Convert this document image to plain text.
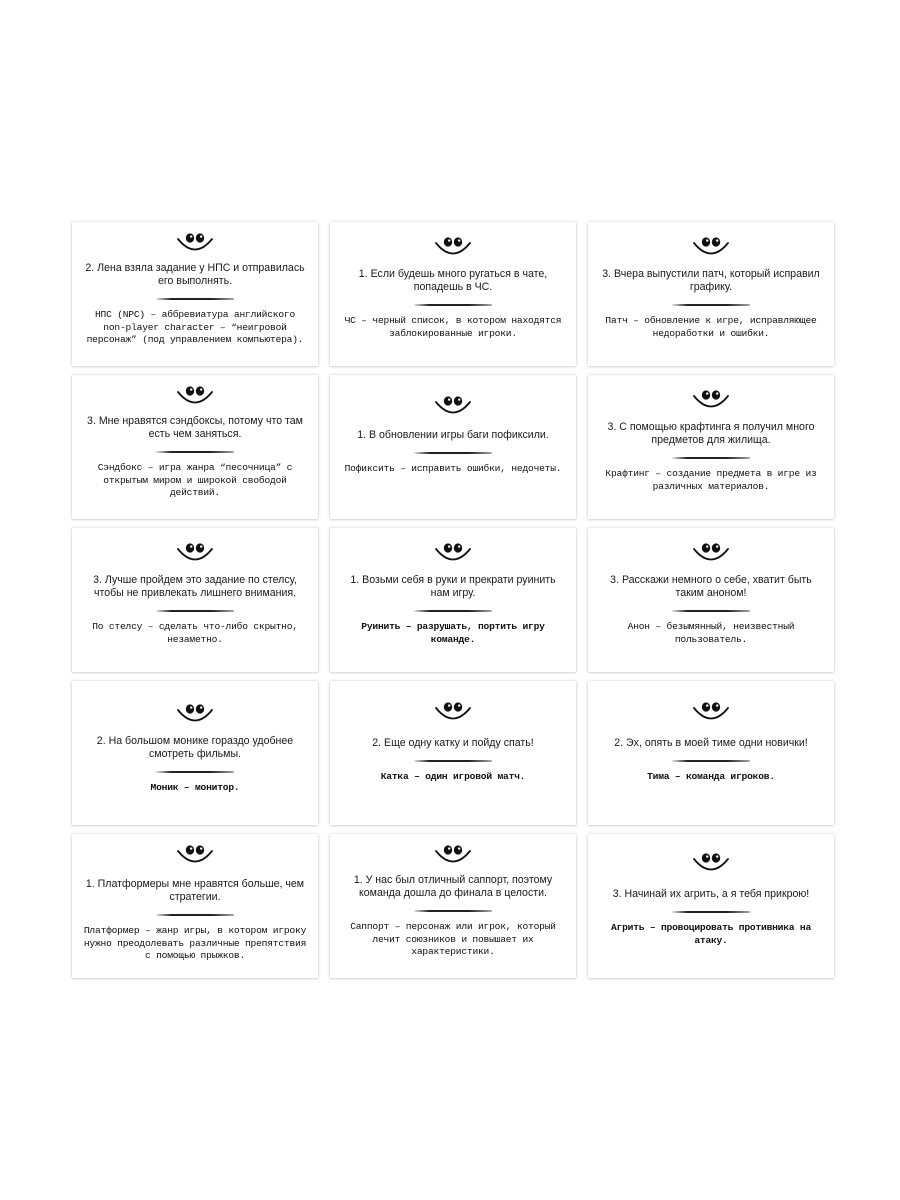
2. Лена взяла задание у НПС и отправилась его выполнять.
НПС (NPC) – аббревиатура английского non-player character – “неигровой персонаж” (под управлением компьютера).
1. Если будешь много ругаться в чате, попадешь в ЧС.
ЧС – черный список, в котором находятся заблокированные игроки.
3. Вчера выпустили патч, который исправил графику.
Патч – обновление к игре, исправляющее недоработки и ошибки.
3. Мне нравятся сэндбоксы, потому что там есть чем заняться.
Сэндбокс – игра жанра “песочница” с открытым миром и широкой свободой действий.
1. В обновлении игры баги пофиксили.
Пофиксить – исправить ошибки, недочеты.
3. С помощью крафтинга я получил много предметов для жилища.
Крафтинг – создание предмета в игре из различных материалов.
3. Лучше пройдем это задание по стелсу, чтобы не привлекать лишнего внимания.
По стелсу – сделать что-либо скрытно, незаметно.
1. Возьми себя в руки и прекрати руинить нам игру.
Руинить – разрушать, портить игру команде.
3. Расскажи немного о себе, хватит быть таким аноном!
Анон – безымянный, неизвестный пользователь.
2. На большом монике гораздо удобнее смотреть фильмы.
Моник – монитор.
2. Еще одну катку и пойду спать!
Катка – один игровой матч.
2. Эх, опять в моей тиме одни новички!
Тима – команда игроков.
1. Платформеры мне нравятся больше, чем стратегии.
Платформер – жанр игры, в котором игроку нужно преодолевать различные препятствия с помощью прыжков.
1. У нас был отличный саппорт, поэтому команда дошла до финала в целости.
Саппорт – персонаж или игрок, который лечит союзников и повышает их характеристики.
3. Начинай их агрить, а я тебя прикрою!
Агрить – провоцировать противника на атаку.
